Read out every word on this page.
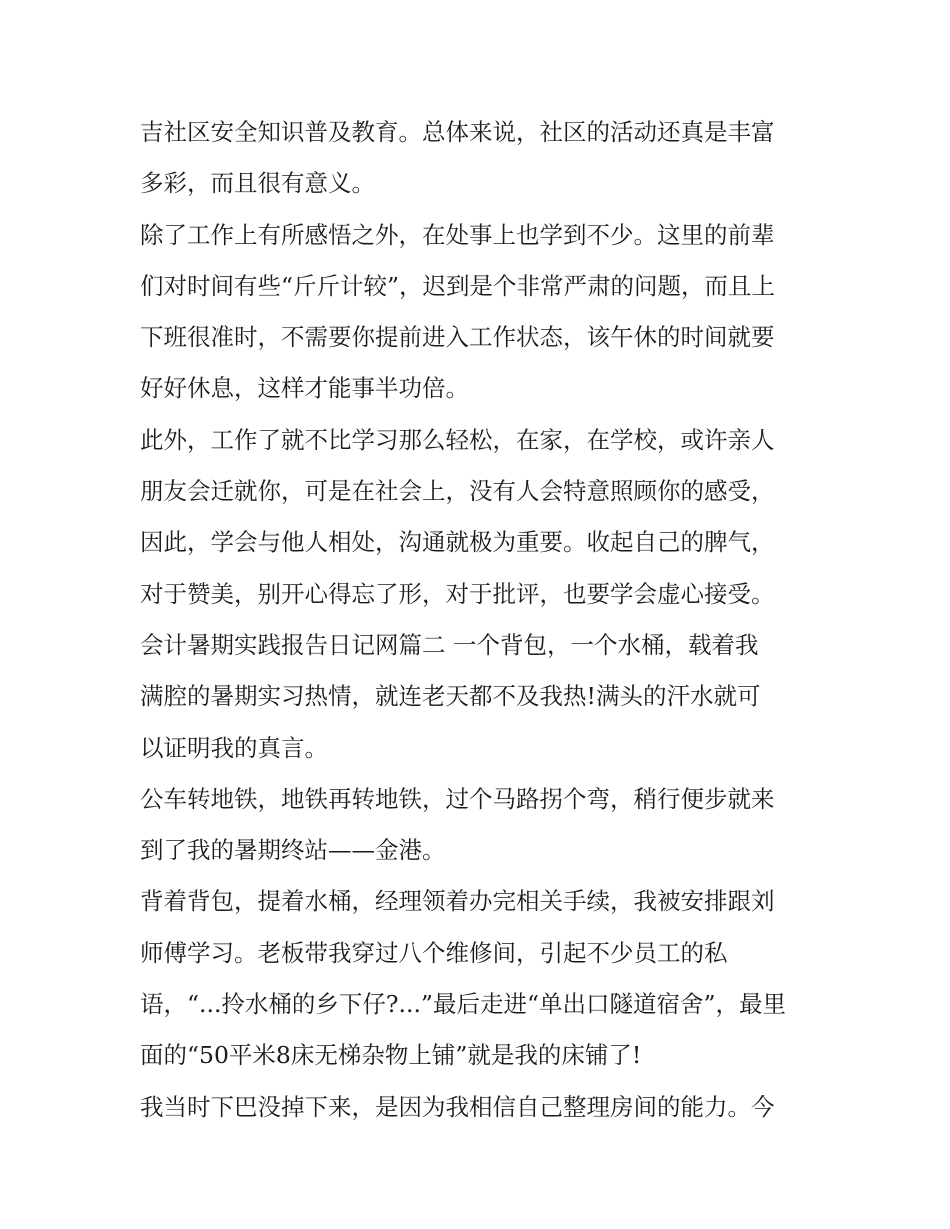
吉社区安全知识普及教育。总体来说，社区的活动还真是丰富
多彩，而且很有意义。
除了工作上有所感悟之外，在处事上也学到不少。这里的前辈
们对时间有些“斤斤计较”，迟到是个非常严肃的问题，而且上
下班很准时，不需要你提前进入工作状态，该午休的时间就要
好好休息，这样才能事半功倍。
此外，工作了就不比学习那么轻松，在家，在学校，或许亲人
朋友会迁就你，可是在社会上，没有人会特意照顾你的感受，
因此，学会与他人相处，沟通就极为重要。收起自己的脾气，
对于赞美，别开心得忘了形，对于批评，也要学会虚心接受。
会计暑期实践报告日记网篇二 一个背包，一个水桶，载着我
满腔的暑期实习热情，就连老天都不及我热!满头的汗水就可
以证明我的真言。
公车转地铁，地铁再转地铁，过个马路拐个弯，稍行便步就来
到了我的暑期终站——金港。
背着背包，提着水桶，经理领着办完相关手续，我被安排跟刘
师傅学习。老板带我穿过八个维修间，引起不少员工的私
语，“...拎水桶的乡下仔?...”最后走进“单出口隧道宿舍”，最里
面的“50平米8床无梯杂物上铺”就是我的床铺了!
我当时下巴没掉下来，是因为我相信自己整理房间的能力。今
